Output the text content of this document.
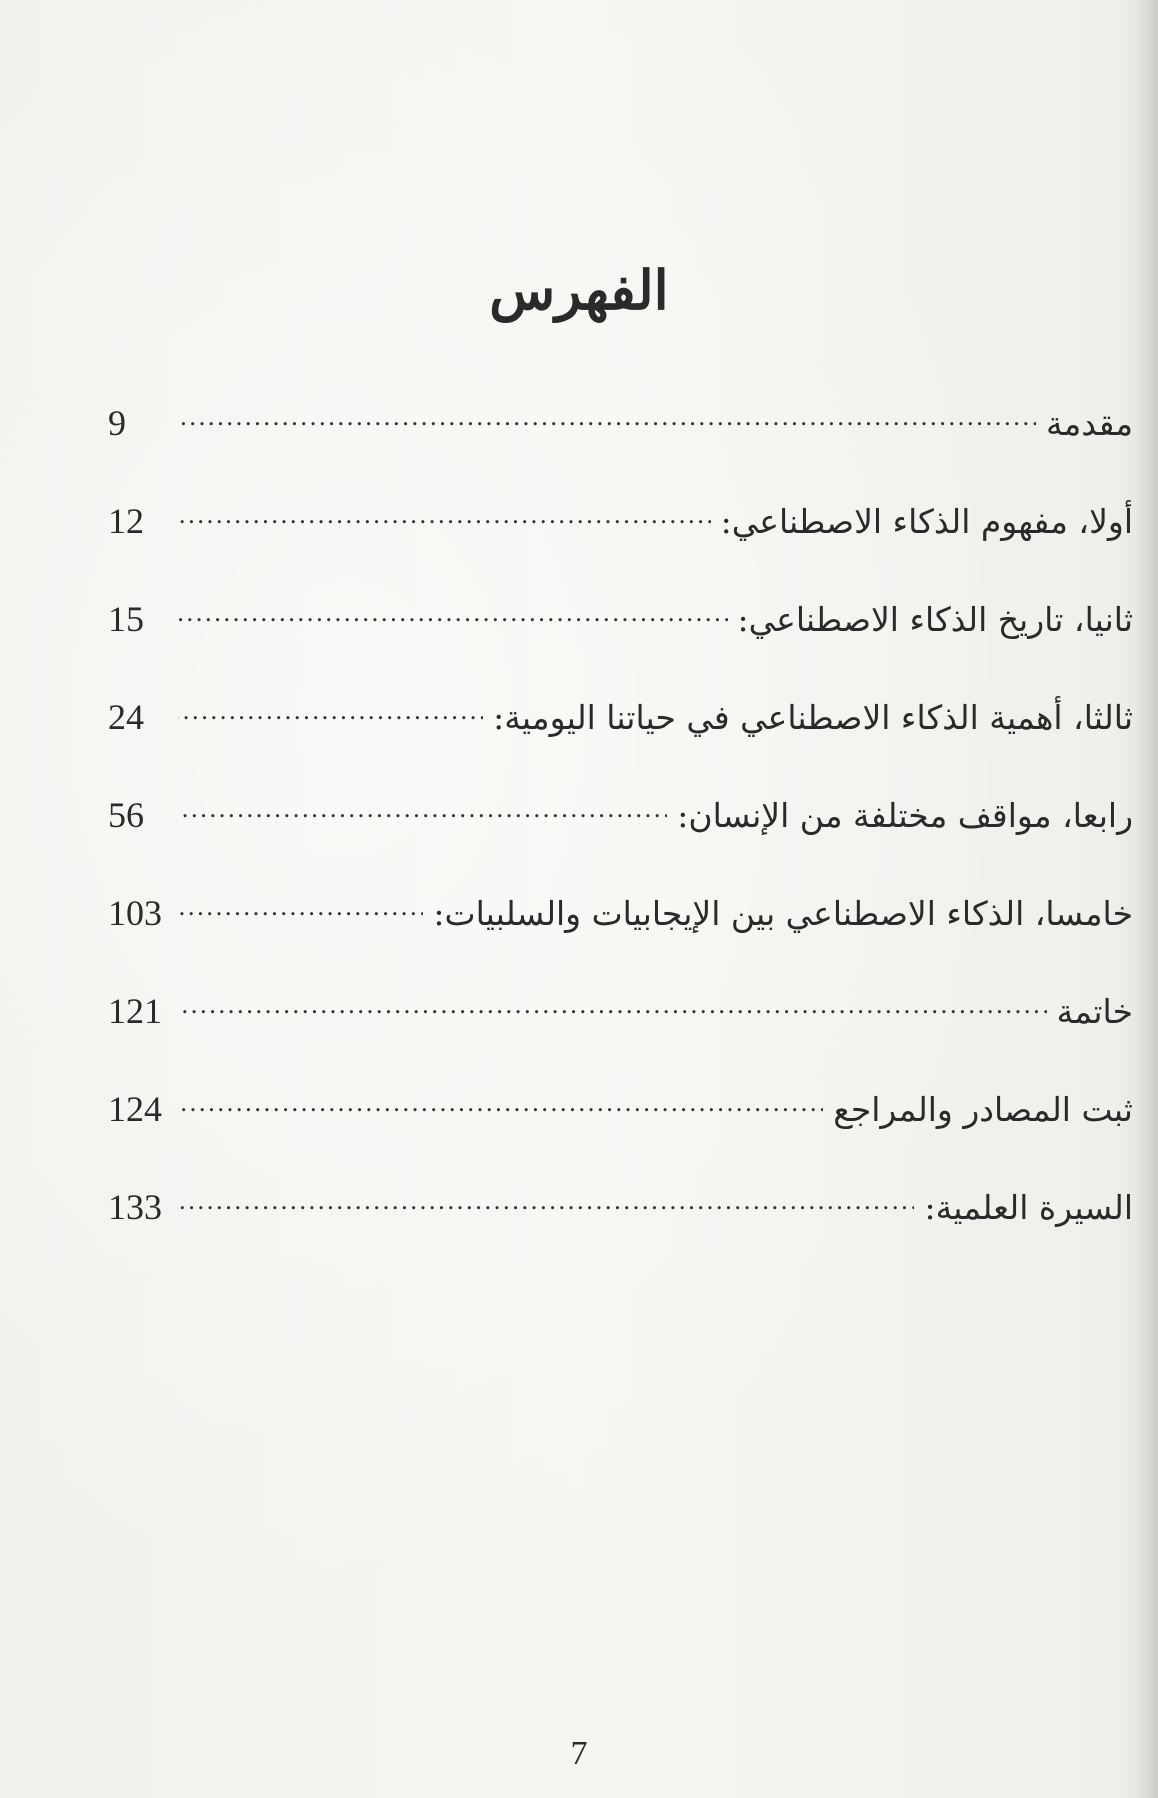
الفهرس
مقدمة
. . .
9
أولا، مفهوم الذكاء الاصطناعي:
. . .
12
ثانيا، تاريخ الذكاء الاصطناعي:
. . .
15
ثالثا، أهمية الذكاء الاصطناعي في حياتنا اليومية:
. . .
24
رابعا، مواقف مختلفة من الإنسان:
. . .
56
خامسا، الذكاء الاصطناعي بين الإيجابيات والسلبيات:
. . .
103
خاتمة
. . .
121
ثبت المصادر والمراجع
. . .
124
السيرة العلمية:
. . .
133
7
